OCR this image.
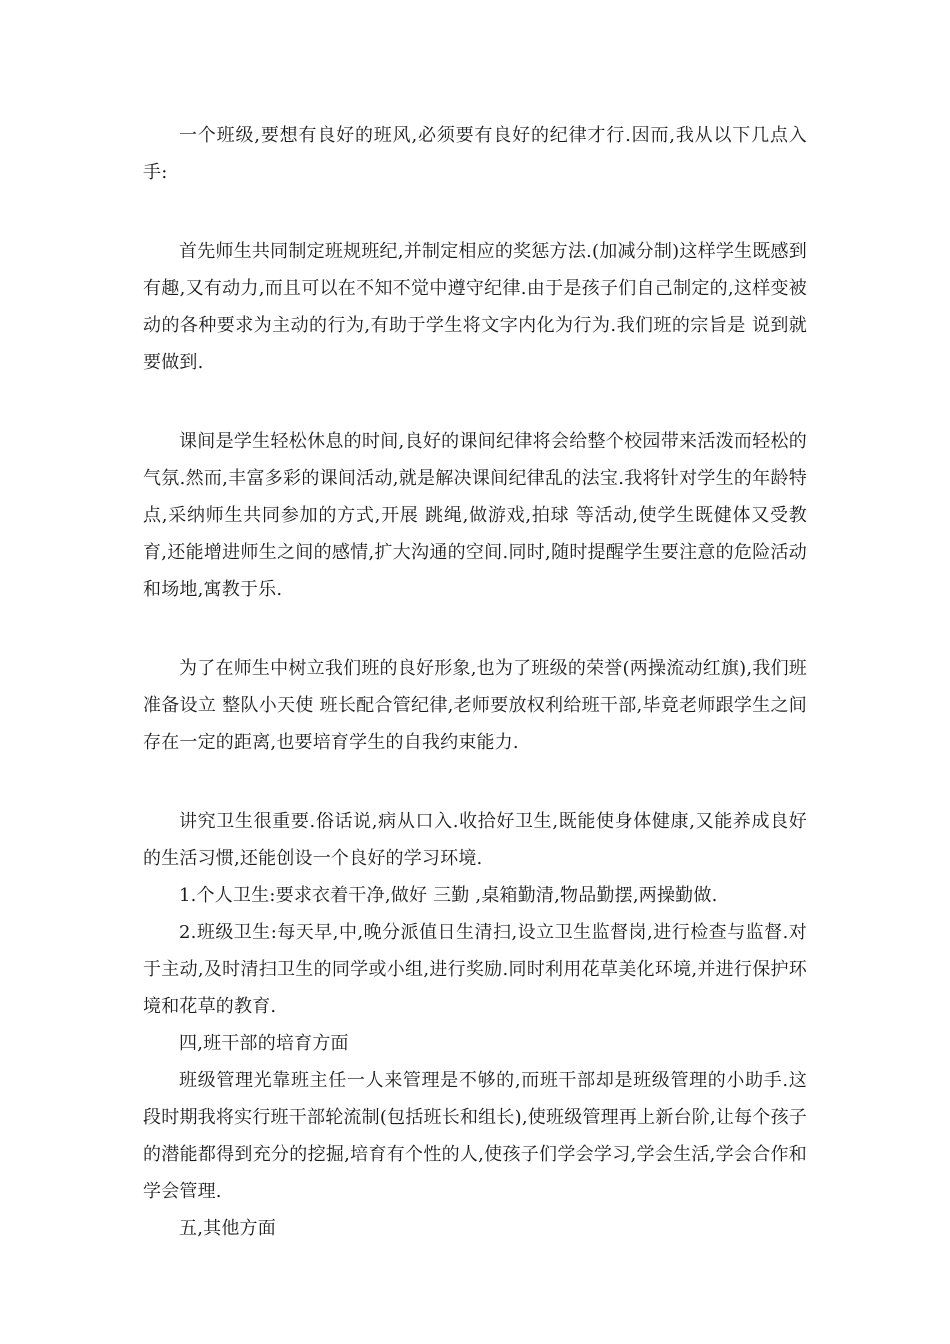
一个班级,要想有良好的班风,必须要有良好的纪律才行.因而,我从以下几点入手:

首先师生共同制定班规班纪,并制定相应的奖惩方法.(加减分制)这样学生既感到有趣,又有动力,而且可以在不知不觉中遵守纪律.由于是孩子们自己制定的,这样变被动的各种要求为主动的行为,有助于学生将文字内化为行为.我们班的宗旨是 说到就要做到.

课间是学生轻松休息的时间,良好的课间纪律将会给整个校园带来活泼而轻松的气氛.然而,丰富多彩的课间活动,就是解决课间纪律乱的法宝.我将针对学生的年龄特点,采纳师生共同参加的方式,开展 跳绳,做游戏,拍球 等活动,使学生既健体又受教育,还能增进师生之间的感情,扩大沟通的空间.同时,随时提醒学生要注意的危险活动和场地,寓教于乐.

为了在师生中树立我们班的良好形象,也为了班级的荣誉(两操流动红旗),我们班准备设立 整队小天使 班长配合管纪律,老师要放权利给班干部,毕竟老师跟学生之间存在一定的距离,也要培育学生的自我约束能力.

讲究卫生很重要.俗话说,病从口入.收拾好卫生,既能使身体健康,又能养成良好的生活习惯,还能创设一个良好的学习环境.

1.个人卫生:要求衣着干净,做好 三勤 ,桌箱勤清,物品勤摆,两操勤做.

2.班级卫生:每天早,中,晚分派值日生清扫,设立卫生监督岗,进行检查与监督.对于主动,及时清扫卫生的同学或小组,进行奖励.同时利用花草美化环境,并进行保护环境和花草的教育.

四,班干部的培育方面

班级管理光靠班主任一人来管理是不够的,而班干部却是班级管理的小助手.这段时期我将实行班干部轮流制(包括班长和组长),使班级管理再上新台阶,让每个孩子的潜能都得到充分的挖掘,培育有个性的人,使孩子们学会学习,学会生活,学会合作和学会管理.

五,其他方面
